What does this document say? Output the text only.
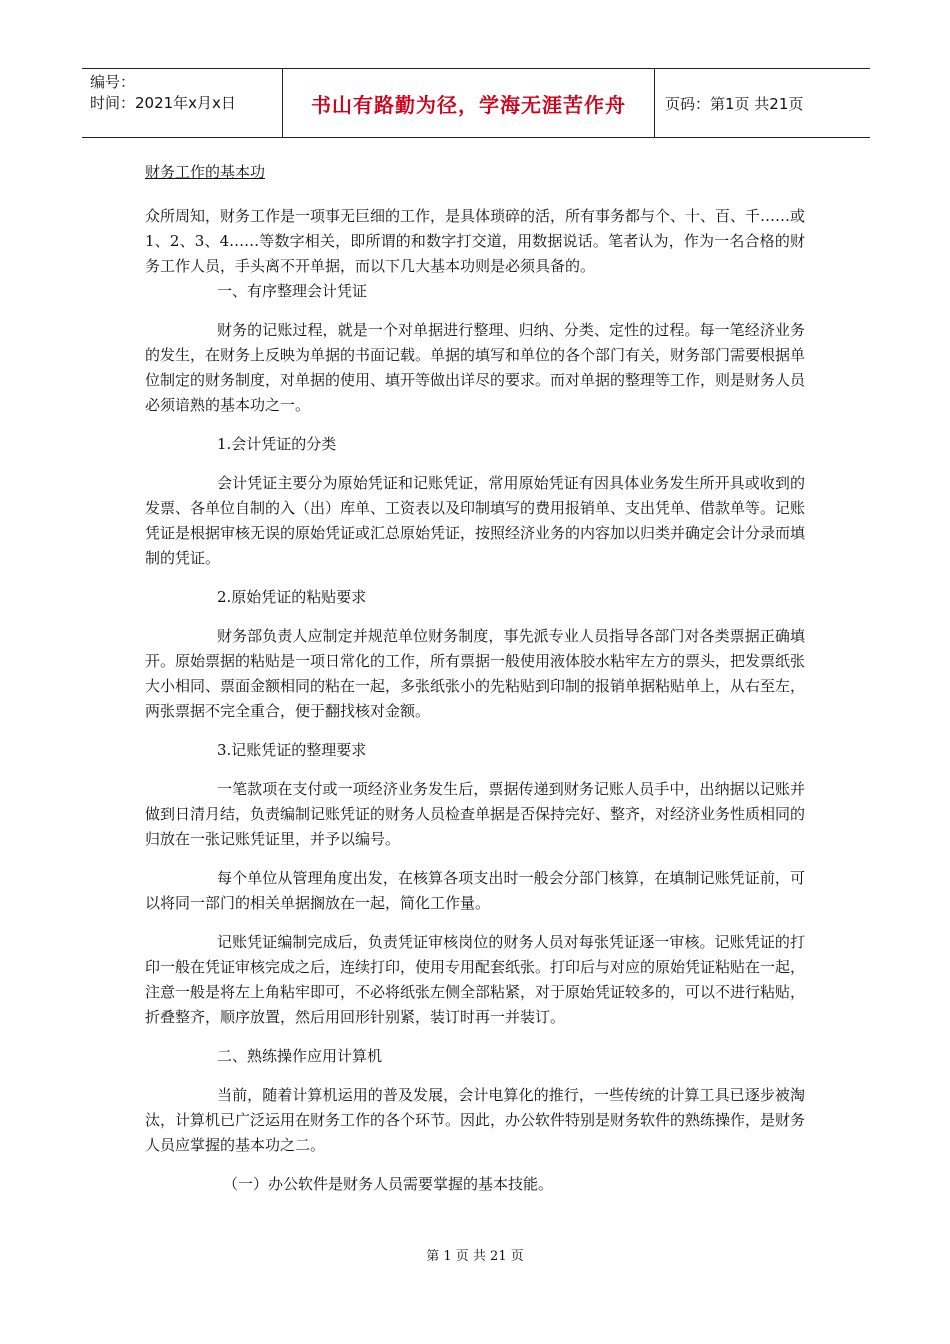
编号：
时间：2021年x月x日	书山有路勤为径，学海无涯苦作舟	页码：第1页 共21页

财务工作的基本功

众所周知，财务工作是一项事无巨细的工作，是具体琐碎的活，所有事务都与个、十、百、千……或1、2、3、4……等数字相关，即所谓的和数字打交道，用数据说话。笔者认为，作为一名合格的财务工作人员，手头离不开单据，而以下几大基本功则是必须具备的。

一、有序整理会计凭证

财务的记账过程，就是一个对单据进行整理、归纳、分类、定性的过程。每一笔经济业务的发生，在财务上反映为单据的书面记载。单据的填写和单位的各个部门有关，财务部门需要根据单位制定的财务制度，对单据的使用、填开等做出详尽的要求。而对单据的整理等工作，则是财务人员必须谙熟的基本功之一。

1.会计凭证的分类

会计凭证主要分为原始凭证和记账凭证，常用原始凭证有因具体业务发生所开具或收到的发票、各单位自制的入（出）库单、工资表以及印制填写的费用报销单、支出凭单、借款单等。记账凭证是根据审核无误的原始凭证或汇总原始凭证，按照经济业务的内容加以归类并确定会计分录而填制的凭证。

2.原始凭证的粘贴要求

财务部负责人应制定并规范单位财务制度，事先派专业人员指导各部门对各类票据正确填开。原始票据的粘贴是一项日常化的工作，所有票据一般使用液体胶水粘牢左方的票头，把发票纸张大小相同、票面金额相同的粘在一起，多张纸张小的先粘贴到印制的报销单据粘贴单上，从右至左，两张票据不完全重合，便于翻找核对金额。

3.记账凭证的整理要求

一笔款项在支付或一项经济业务发生后，票据传递到财务记账人员手中，出纳据以记账并做到日清月结，负责编制记账凭证的财务人员检查单据是否保持完好、整齐，对经济业务性质相同的归放在一张记账凭证里，并予以编号。

每个单位从管理角度出发，在核算各项支出时一般会分部门核算，在填制记账凭证前，可以将同一部门的相关单据搁放在一起，简化工作量。

记账凭证编制完成后，负责凭证审核岗位的财务人员对每张凭证逐一审核。记账凭证的打印一般在凭证审核完成之后，连续打印，使用专用配套纸张。打印后与对应的原始凭证粘贴在一起，注意一般是将左上角粘牢即可，不必将纸张左侧全部粘紧，对于原始凭证较多的，可以不进行粘贴，折叠整齐，顺序放置，然后用回形针别紧，装订时再一并装订。

二、熟练操作应用计算机

当前，随着计算机运用的普及发展，会计电算化的推行，一些传统的计算工具已逐步被淘汰，计算机已广泛运用在财务工作的各个环节。因此，办公软件特别是财务软件的熟练操作，是财务人员应掌握的基本功之二。

（一）办公软件是财务人员需要掌握的基本技能。

第 1 页 共 21 页
